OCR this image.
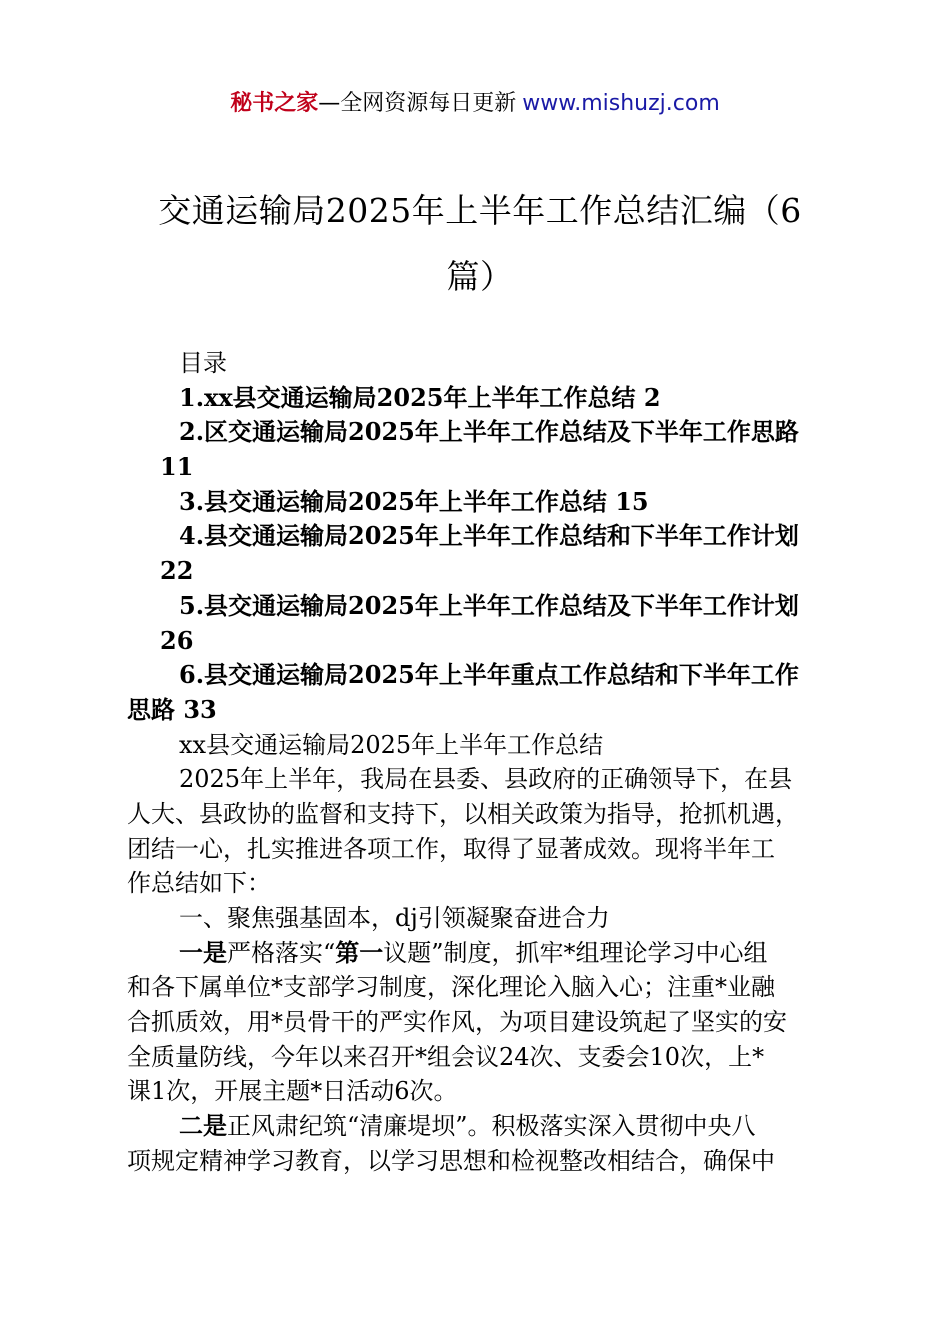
秘书之家—全网资源每日更新 www.mishuzj.com
交通运输局2025年上半年工作总结汇编（6
篇）
目录
1.xx县交通运输局2025年上半年工作总结 2
2.区交通运输局2025年上半年工作总结及下半年工作思路
11
3.县交通运输局2025年上半年工作总结 15
4.县交通运输局2025年上半年工作总结和下半年工作计划
22
5.县交通运输局2025年上半年工作总结及下半年工作计划
26
6.县交通运输局2025年上半年重点工作总结和下半年工作
思路 33
xx县交通运输局2025年上半年工作总结
2025年上半年，我局在县委、县政府的正确领导下，在县
人大、县政协的监督和支持下，以相关政策为指导，抢抓机遇，
团结一心，扎实推进各项工作，取得了显著成效。现将半年工
作总结如下：
一、聚焦强基固本，dj引领凝聚奋进合力
一是严格落实“第一议题”制度，抓牢*组理论学习中心组
和各下属单位*支部学习制度，深化理论入脑入心；注重*业融
合抓质效，用*员骨干的严实作风，为项目建设筑起了坚实的安
全质量防线，今年以来召开*组会议24次、支委会10次，上*
课1次，开展主题*日活动6次。
二是正风肃纪筑“清廉堤坝”。积极落实深入贯彻中央八
项规定精神学习教育，以学习思想和检视整改相结合，确保中
